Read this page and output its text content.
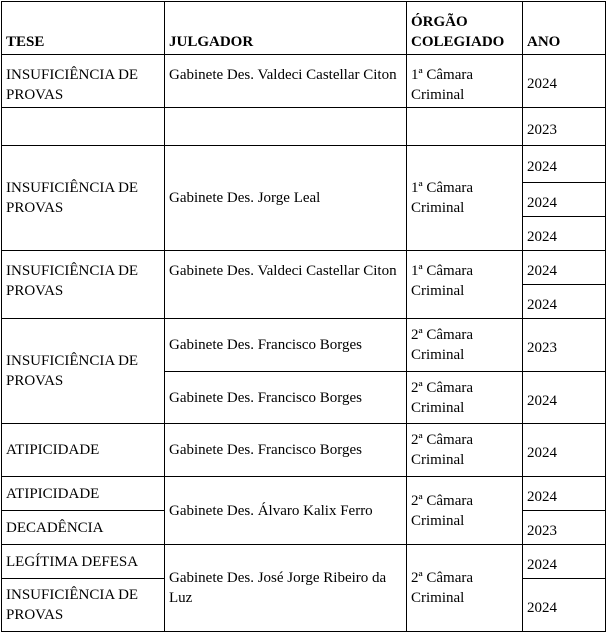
TESE	JULGADOR	ÓRGÃO COLEGIADO	ANO
INSUFICIÊNCIA DE PROVAS	Gabinete Des. Valdeci Castellar Citon	1ª Câmara Criminal	2024
			2023
INSUFICIÊNCIA DE PROVAS	Gabinete Des. Jorge Leal	1ª Câmara Criminal	2024
			2024
			2024
INSUFICIÊNCIA DE PROVAS	Gabinete Des. Valdeci Castellar Citon	1ª Câmara Criminal	2024
			2024
INSUFICIÊNCIA DE PROVAS	Gabinete Des. Francisco Borges	2ª Câmara Criminal	2023
	Gabinete Des. Francisco Borges	2ª Câmara Criminal	2024
ATIPICIDADE	Gabinete Des. Francisco Borges	2ª Câmara Criminal	2024
ATIPICIDADE	Gabinete Des. Álvaro Kalix Ferro	2ª Câmara Criminal	2024
DECADÊNCIA			2023
LEGÍTIMA DEFESA	Gabinete Des. José Jorge Ribeiro da Luz	2ª Câmara Criminal	2024
INSUFICIÊNCIA DE PROVAS			2024
